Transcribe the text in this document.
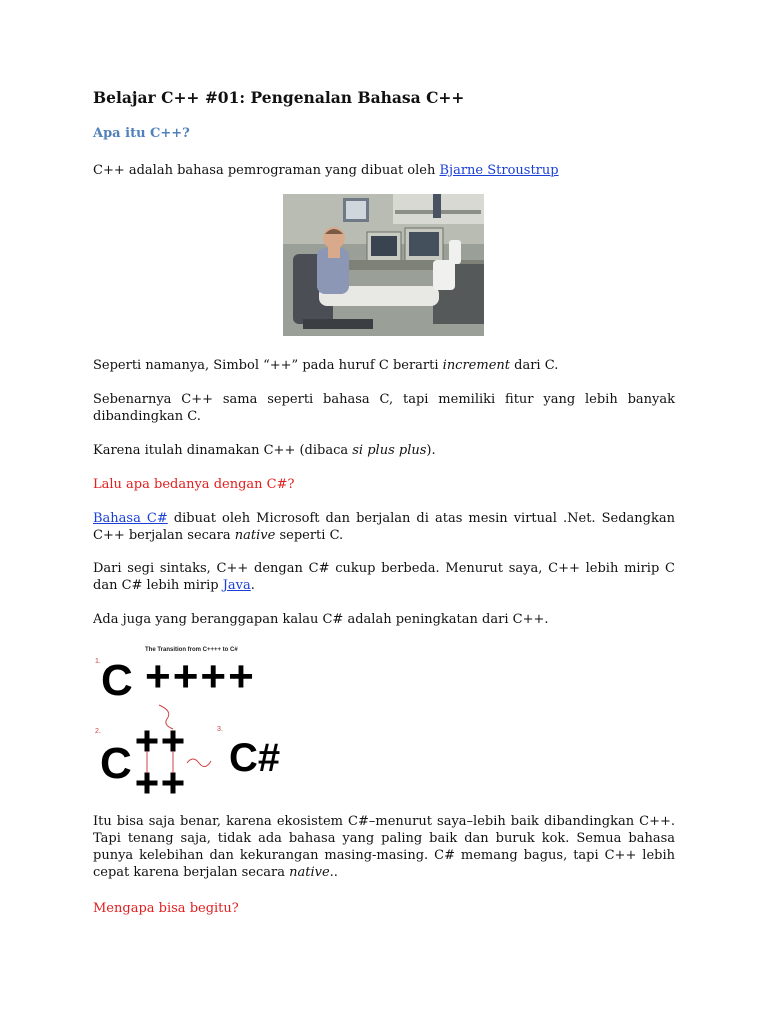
Belajar C++ #01: Pengenalan Bahasa C++
Apa itu C++?
C++ adalah bahasa pemrograman yang dibuat oleh Bjarne Stroustrup
Seperti namanya, Simbol “++” pada huruf C berarti increment dari C.
Sebenarnya C++ sama seperti bahasa C, tapi memiliki fitur yang lebih banyak dibandingkan C.
Karena itulah dinamakan C++ (dibaca si plus plus).
Lalu apa bedanya dengan C#?
Bahasa C# dibuat oleh Microsoft dan berjalan di atas mesin virtual .Net. Sedangkan C++ berjalan secara native seperti C.
Dari segi sintaks, C++ dengan C# cukup berbeda. Menurut saya, C++ lebih mirip C dan C# lebih mirip Java.
Ada juga yang beranggapan kalau C# adalah peningkatan dari C++.
The Transition from C++++ to C#
1. C ++++
2.
C
3.
C#
Itu bisa saja benar, karena ekosistem C#–menurut saya–lebih baik dibandingkan C++. Tapi tenang saja, tidak ada bahasa yang paling baik dan buruk kok. Semua bahasa punya kelebihan dan kekurangan masing-masing. C# memang bagus, tapi C++ lebih cepat karena berjalan secara native..
Mengapa bisa begitu?
